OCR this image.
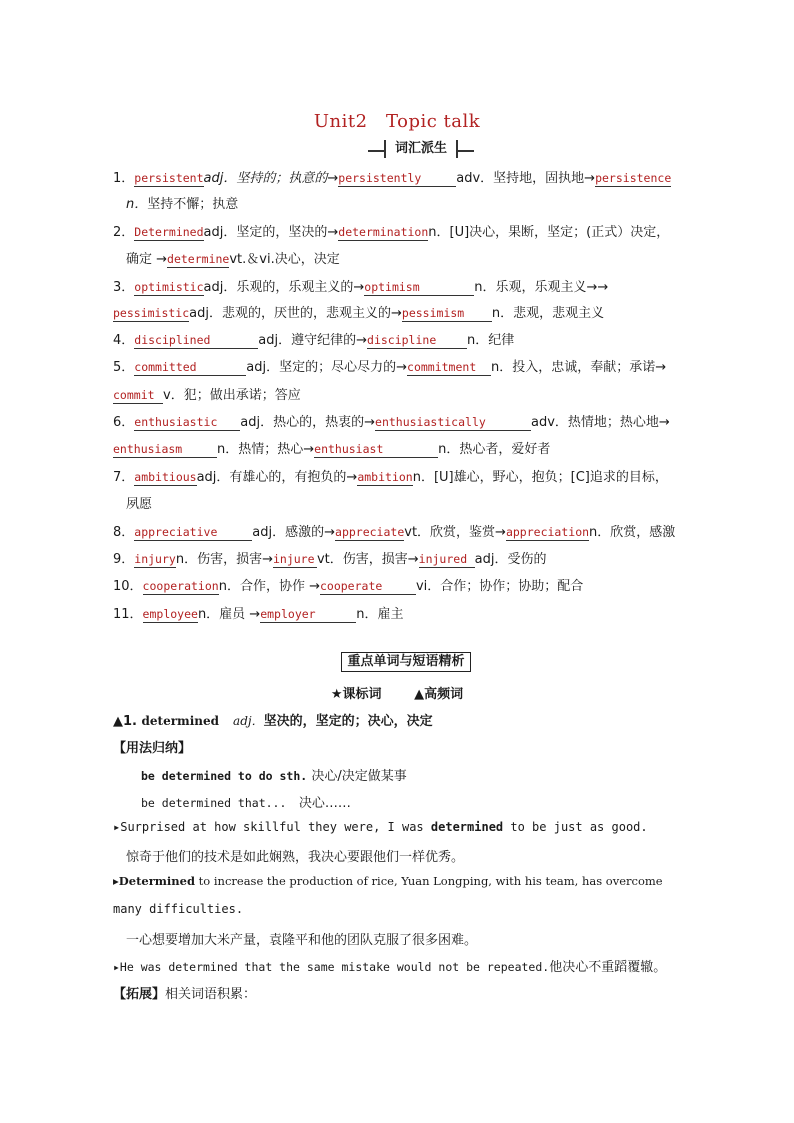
Unit2　Topic talk
词汇派生
1．persistentadj．坚持的；执意的→persistently	adv．坚持地，固执地→persistence
n．坚持不懈；执意
2．Determinedadj．坚定的，坚决的→determinationn．[U]决心，果断，坚定；(正式）决定，
确定 →determinevt.＆vi.决心，决定
3．optimisticadj．乐观的，乐观主义的→optimism	n．乐观，乐观主义→→
pessimisticadj．悲观的，厌世的，悲观主义的→pessimism n．悲观，悲观主义
4．disciplined	adj．遵守纪律的→discipline n．纪律
5．committed	adj．坚定的；尽心尽力的→commitment n．投入，忠诚，奉献；承诺→
commit v．犯；做出承诺；答应
6．enthusiastic adj．热心的，热衷的→enthusiastically	adv．热情地；热心地→
enthusiasm	n．热情；热心→enthusiast	n．热心者，爱好者
7．ambitiousadj．有雄心的，有抱负的→ambitionn．[U]雄心，野心，抱负；[C]追求的目标，
夙愿
8．appreciative	adj．感激的→appreciatevt．欣赏，鉴赏→appreciationn．欣赏，感激
9．injuryn．伤害，损害→injure vt．伤害，损害→injured adj．受伤的
10．cooperationn．合作，协作 →cooperate	vi．合作；协作；协助；配合
11．employeen．雇员 →employer	n．雇主
重点单词与短语精析
★课标词	▲高频词
▲1. determined adj．坚决的，坚定的；决心，决定
【用法归纳】
be determined to do sth. 决心/决定做某事
be determined that... 决心……
▸Surprised at how skillful they were, I was determined to be just as good.
惊奇于他们的技术是如此娴熟，我决心要跟他们一样优秀。
▸Determined to increase the production of rice, Yuan Longping, with his team, has overcome
many difficulties.
一心想要增加大米产量，袁隆平和他的团队克服了很多困难。
▸He was determined that the same mistake would not be repeated.他决心不重蹈覆辙。
【拓展】相关词语积累：
